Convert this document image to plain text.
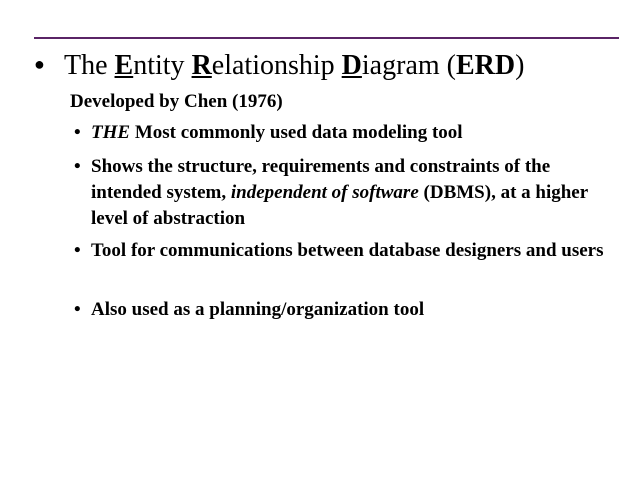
● The Entity Relationship Diagram (ERD)

Developed by Chen (1976)

• THE Most commonly used data modeling tool

• Shows the structure, requirements and constraints of the intended system, independent of software (DBMS), at a higher level of abstraction

• Tool for communications between database designers and users

• Also used as a planning/organization tool
